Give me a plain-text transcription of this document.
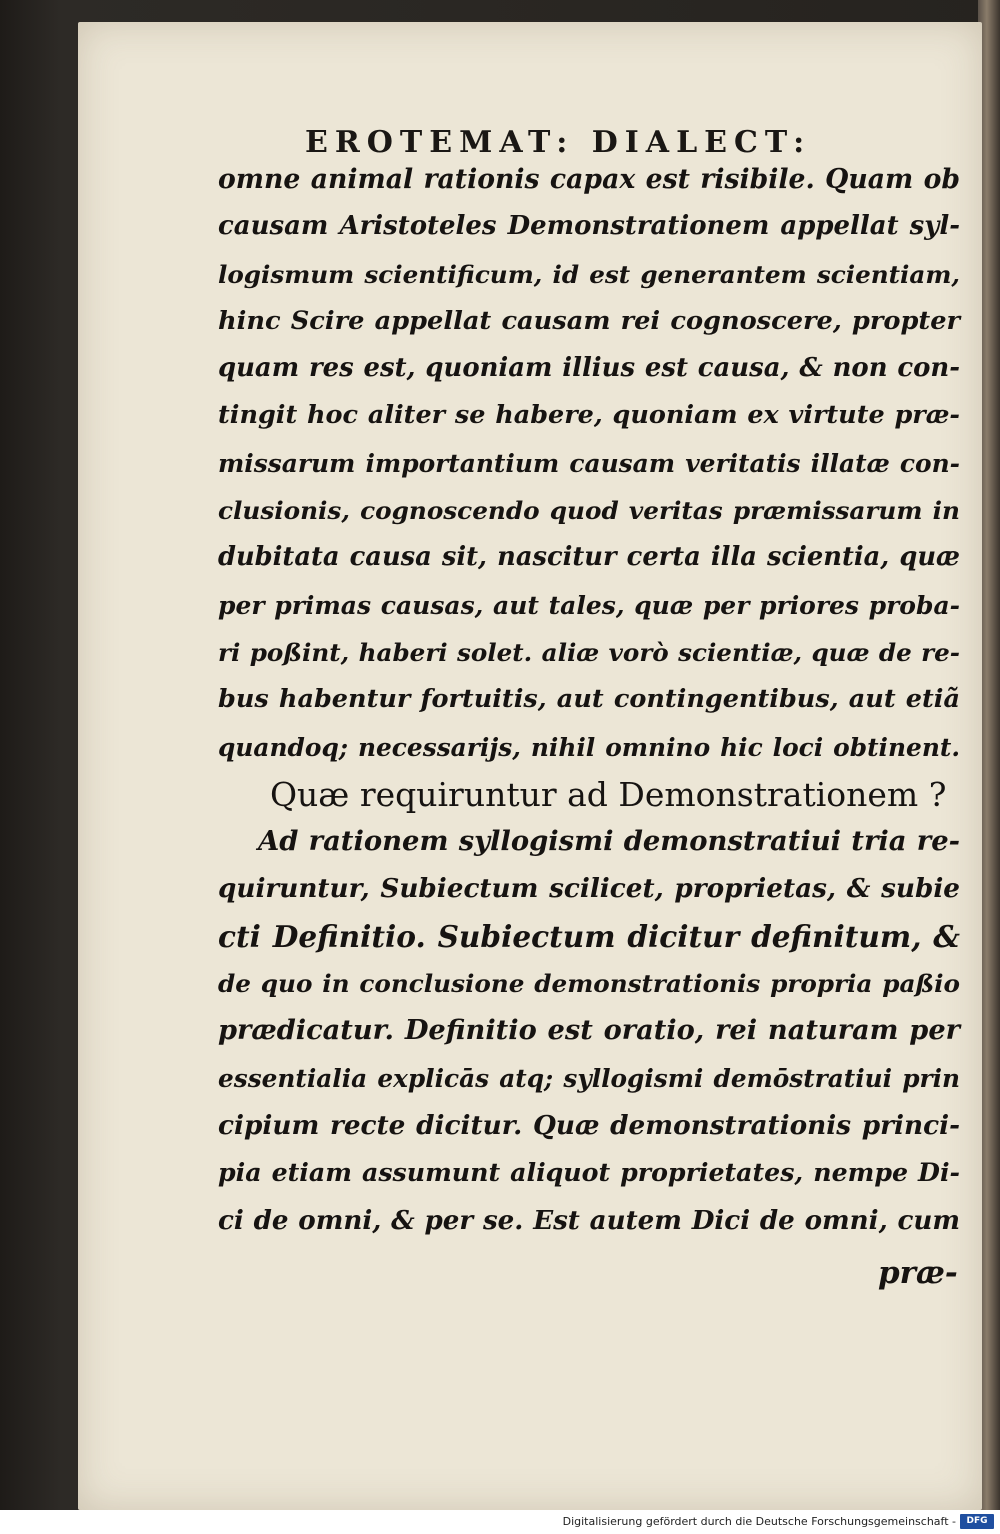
EROTEMAT: DIALECT:
omne animal rationis capax est risibile. Quam ob
causam Aristoteles Demonstrationem appellat syl-
logismum scientificum, id est generantem scientiam,
hinc Scire appellat causam rei cognoscere, propter
quam res est, quoniam illius est causa, & non con-
tingit hoc aliter se habere, quoniam ex virtute præ-
missarum importantium causam veritatis illatæ con-
clusionis, cognoscendo quod veritas præmissarum in
dubitata causa sit, nascitur certa illa scientia, quæ
per primas causas, aut tales, quæ per priores proba-
ri poßint, haberi solet. aliæ vorò scientiæ, quæ de re-
bus habentur fortuitis, aut contingentibus, aut etiã
quandoq; necessarijs, nihil omnino hic loci obtinent.
Quæ requiruntur ad Demonstrationem ?
Ad rationem syllogismi demonstratiui tria re-
quiruntur, Subiectum scilicet, proprietas, & subie
cti Definitio. Subiectum dicitur definitum, &
de quo in conclusione demonstrationis propria paßio
prædicatur. Definitio est oratio, rei naturam per
essentialia explicās atq; syllogismi demōstratiui prin
cipium recte dicitur. Quæ demonstrationis princi-
pia etiam assumunt aliquot proprietates, nempe Di-
ci de omni, & per se. Est autem Dici de omni, cum
præ-
Digitalisierung gefördert durch die Deutsche Forschungsgemeinschaft -	DFG
